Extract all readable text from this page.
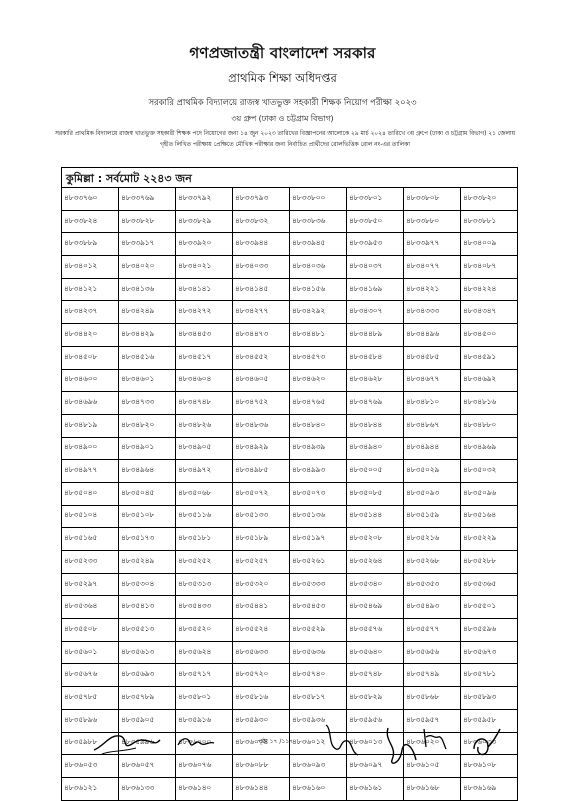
গণপ্রজাতন্ত্রী বাংলাদেশ সরকার
প্রাথমিক শিক্ষা অধিদপ্তর
সরকারি প্রাথমিক বিদ্যালয়ে রাজস্ব খাতভুক্ত সহকারী শিক্ষক নিয়োগ পরীক্ষা ২০২৩
৩য় গ্রুপ (ঢাকা ও চট্টগ্রাম বিভাগ)
সরকারি প্রাথমিক বিদ্যালয়ে রাজস্ব খাতভুক্ত সহকারী শিক্ষক পদে নিয়োগের জন্য ১৪ জুন ২০২৩ তারিখের বিজ্ঞাপনের আলোকে ২৯ মার্চ ২০২৪ তারিখে ৩য় গ্রুপে (ঢাকা ও চট্টগ্রাম বিভাগ) ২১ জেলায় গৃহীত লিখিত পরীক্ষায় প্রেক্ষিতে মৌখিক পরীক্ষার জন্য নির্বাচিত প্রার্থীদের রোলভিত্তিক রোল নং-এর তালিকা
কুমিল্লা : সর্বমোট ২২৪৩ জন
৪৮৩৩৭৬০	৪৮৩৩৭৬৯	৪৮৩৩৭৯২	৪৮৩৩৭৯৩	৪৮৩৩৮০০	৪৮৩৩৮০১	৪৮৩৩৮০৮	৪৮৩৩৮২০
৪৮৩৩৮২৪	৪৮৩৩৮২৮	৪৮৩৩৮২৯	৪৮৩৩৮৩২	৪৮৩৩৮৩৬	৪৮৩৩৮৫০	৪৮৩৩৮৮০	৪৮৩৩৮৮১
৪৮৩৩৮৮৯	৪৮৩৩৯১৭	৪৮৩৩৯২০	৪৮৩৩৯৪৪	৪৮৩৩৯৪৫	৪৮৩৩৯৫৩	৪৮৩৩৯৭৭	৪৮৩৪০০৯
৪৮৩৪০১২	৪৮৩৪০২০	৪৮৩৪০২১	৪৮৩৪০৩৩	৪৮৩৪০৩৬	৪৮৩৪০৩৭	৪৮৩৪০৭৭	৪৮৩৪০৮৭
৪৮৩৪১২১	৪৮৩৪১৩৬	৪৮৩৪১৪১	৪৮৩৪১৪৫	৪৮৩৪১৫৬	৪৮৩৪১৬৯	৪৮৩৪২২১	৪৮৩৪২২৪
৪৮৩৪২৩৭	৪৮৩৪২৪৯	৪৮৩৪২৭২	৪৮৩৪২৭৭	৪৮৩৪২৯২	৪৮৩৪৩০৭	৪৮৩৪৩৩৩	৪৮৩৪৩৪৭
৪৮৩৪৪২০	৪৮৩৪৪২৯	৪৮৩৪৪৫৩	৪৮৩৪৪৭৩	৪৮৩৪৪৮১	৪৮৩৪৪৮৯	৪৮৩৪৪৯৬	৪৮৩৪৫০০
৪৮৩৪৫০৮	৪৮৩৪৫১৬	৪৮৩৪৫১৭	৪৮৩৪৫৫২	৪৮৩৪৫৭৩	৪৮৩৪৫৮৪	৪৮৩৪৫৮৫	৪৮৩৪৫৯১
৪৮৩৪৬০০	৪৮৩৪৬০১	৪৮৩৪৬০৪	৪৮৩৪৬০৫	৪৮৩৪৬২০	৪৮৩৪৬২৮	৪৮৩৪৬৭৭	৪৮৩৪৬৯২
৪৮৩৪৬৯৬	৪৮৩৪৭৩৩	৪৮৩৪৭৪৮	৪৮৩৪৭৫২	৪৮৩৪৭৬৫	৪৮৩৪৭৬৯	৪৮৩৪৮১০	৪৮৩৪৮১৬
৪৮৩৪৮১৯	৪৮৩৪৮২০	৪৮৩৪৮২৬	৪৮৩৪৮৩৬	৪৮৩৪৮৪০	৪৮৩৪৮৪৪	৪৮৩৪৮৬৭	৪৮৩৪৮৮০
৪৮৩৪৯০০	৪৮৩৪৯০১	৪৮৩৪৯০৫	৪৮৩৪৯২৯	৪৮৩৪৯৩৯	৪৮৩৪৯৪০	৪৮৩৪৯৪৪	৪৮৩৪৯৬৯
৪৮৩৪৯৭৭	৪৮৩৪৯৬৪	৪৮৩৪৯৭২	৪৮৩৪৯৮৫	৪৮৩৪৯৯৩	৪৮৩৫০০৫	৪৮৩৫০২৯	৪৮৩৫০৩২
৪৮৩৫০৪০	৪৮৩৫০৪৫	৪৮৩৫০৬৮	৪৮৩৫০৭২	৪৮৩৫০৭৩	৪৮৩৫০৮৫	৪৮৩৫০৯৩	৪৮৩৫০৯৬
৪৮৩৫১০৪	৪৮৩৫১০৮	৪৮৩৫১১৬	৪৮৩৫১৩৩	৪৮৩৫১৩৬	৪৮৩৫১৪৪	৪৮৩৫১৫৯	৪৮৩৫১৬৪
৪৮৩৫১৬৫	৪৮৩৫১৭৩	৪৮৩৫১৮১	৪৮৩৫১৮৯	৪৮৩৫১৯৭	৪৮৩৫২০৮	৪৮৩৫২১৬	৪৮৩৫২২৯
৪৮৩৫২৩৩	৪৮৩৫২৪৯	৪৮৩৫২৫২	৪৮৩৫২৫৭	৪৮৩৫২৬১	৪৮৩৫২৬৪	৪৮৩৫২৬৮	৪৮৩৫২৮৮
৪৮৩৫২৯৭	৪৮৩৫৩০৪	৪৮৩৫৩১৩	৪৮৩৫৩২০	৪৮৩৫৩৩৩	৪৮৩৫৩৪০	৪৮৩৫৩৫৩	৪৮৩৫৩৬৫
৪৮৩৫৩৬৪	৪৮৩৫৪১৩	৪৮৩৫৪৩৩	৪৮৩৫৪৪১	৪৮৩৫৪৫৩	৪৮৩৫৪৬৯	৪৮৩৫৪৯৩	৪৮৩৫৫০১
৪৮৩৫৫০৮	৪৮৩৫৫১৩	৪৮৩৫৫২০	৪৮৩৫৫২৪	৪৮৩৫৫২৯	৪৮৩৫৫৭৬	৪৮৩৫৫৭৭	৪৮৩৫৫৯৬
৪৮৩৫৬০১	৪৮৩৫৬১৩	৪৮৩৫৬২৪	৪৮৩৫৬৩৩	৪৮৩৫৬৩৬	৪৮৩৫৬৪০	৪৮৩৫৬৫৬	৪৮৩৫৬৭৩
৪৮৩৫৬৭৬	৪৮৩৫৬৯৩	৪৮৩৫৭১৭	৪৮৩৫৭২০	৪৮৩৫৭৪০	৪৮৩৫৭৪৮	৪৮৩৫৭৪৯	৪৮৩৫৭৮১
৪৮৩৫৭৮৫	৪৮৩৫৭৮৯	৪৮৩৫৮০১	৪৮৩৫৮১৬	৪৮৩৫৮১৭	৪৮৩৫৮২৯	৪৮৩৫৮৬৮	৪৮৩৫৮৯৩
৪৮৩৫৮৯৬	৪৮৩৫৯০৫	৪৮৩৫৯১৬	৪৮৩৫৯৩০	৪৮৩৫৯৩৬	৪৮৩৫৯৫৬	৪৮৩৫৯৫৭	৪৮৩৫৯৫৮
৪৮৩৫৯৮৮	৪৮৩৫৯৯৬	৪৮৩৬০০০	৪৮৩৬০০৪	৪৮৩৬০১২	৪৮৩৬০১৩	৪৮৩৬০২০	৪৮৩৬০৩৩
৪৮৩৬০৫৩	৪৮৩৬০৫৭	৪৮৩৬০৭৬	৪৮৩৬০৮৮	৪৮৩৬০৯৩	৪৮৩৬০৯৭	৪৮৩৬১০৫	৪৮৩৬১০৮
৪৮৩৬১২১	৪৮৩৬১৩৩	৪৮৩৬১৪০	৪৮৩৬১৪৪	৪৮৩৬১৬০	৪৮৩৬১৬১	৪৮৩৬১৬৮	৪৮৩৬১৬৯
পৃষ্ঠা ১৭ /১১৭
